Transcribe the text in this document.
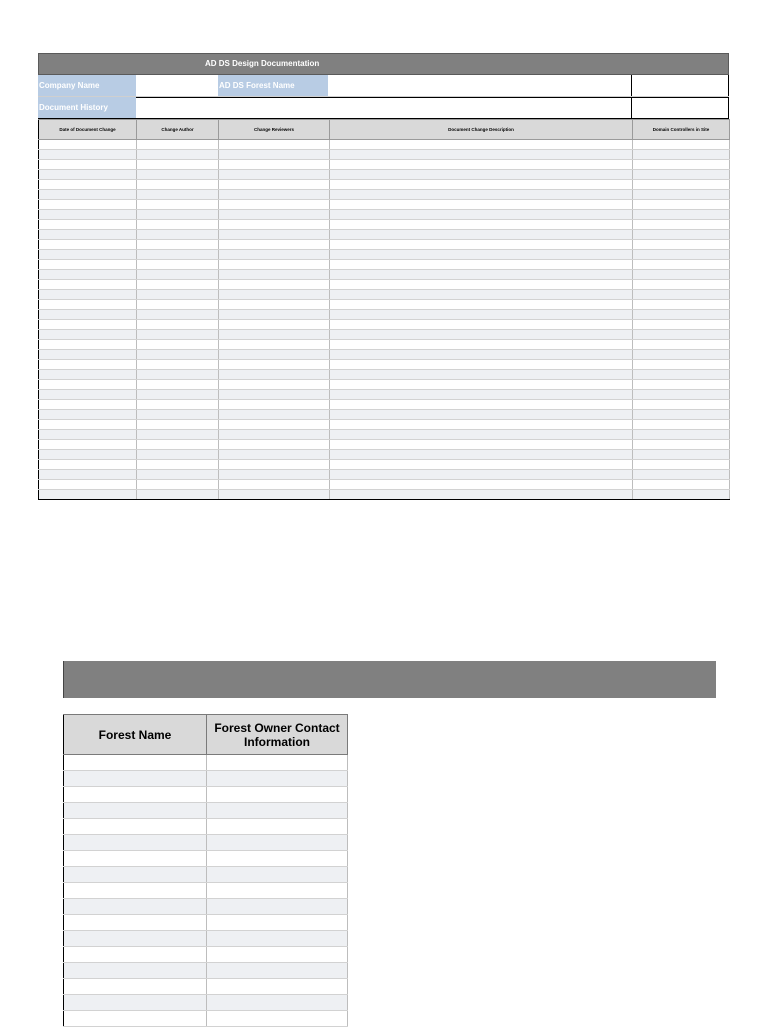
AD DS Design Documentation
Company Name	AD DS Forest Name
Document History
Date of Document Change	Change Author	Change Reviewers	Document Change Description	Domain Controllers in Site

Forest Name	Forest Owner Contact Information
